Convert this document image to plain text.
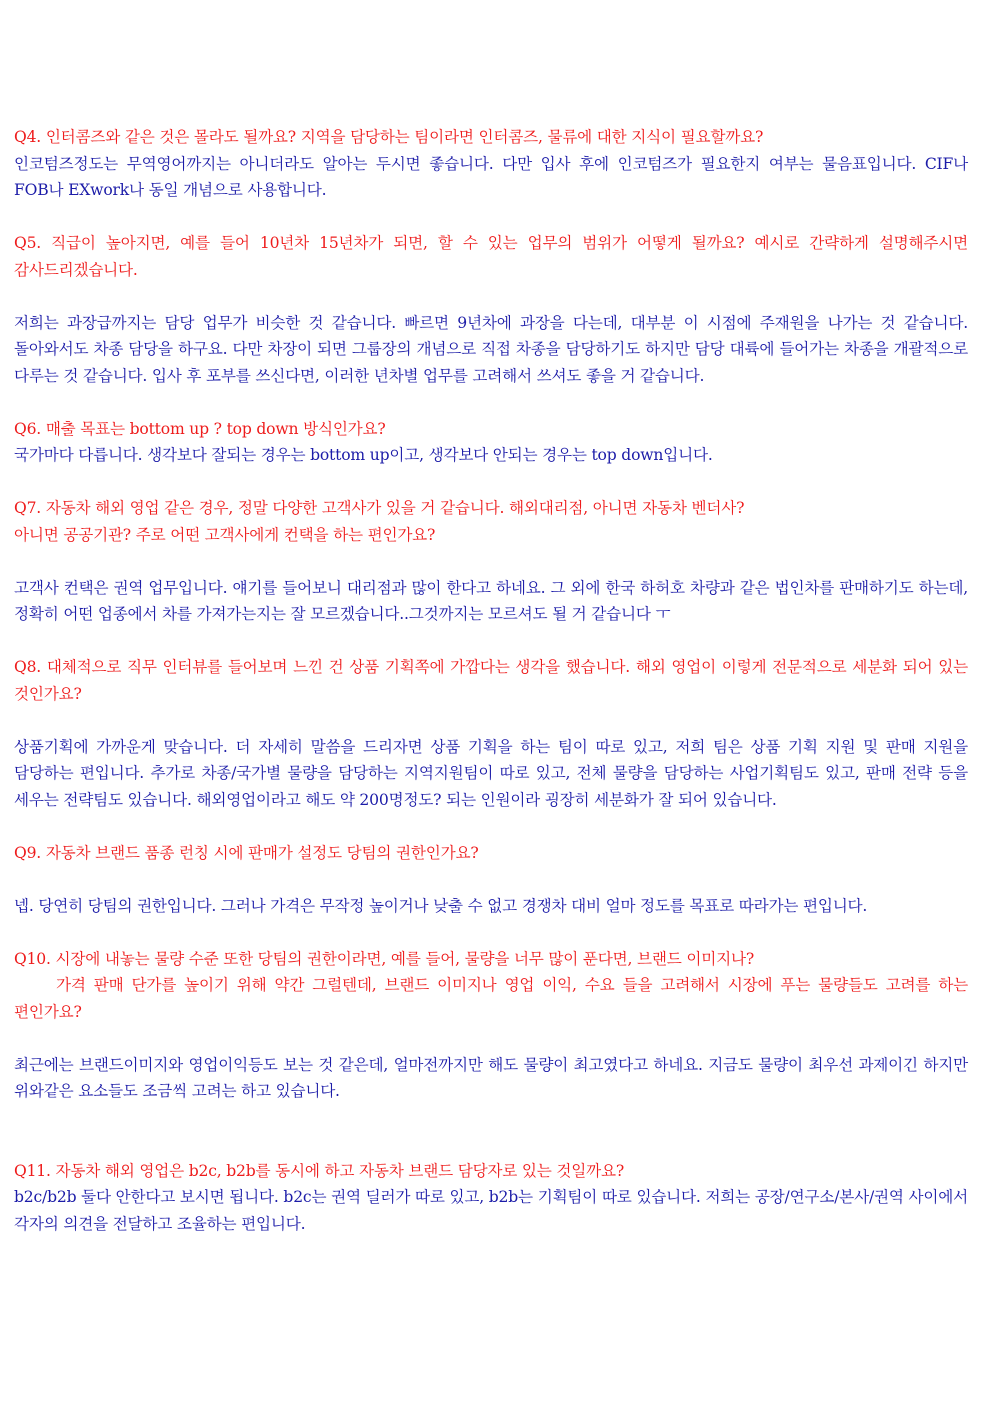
Q4. 인터콤즈와 같은 것은 몰라도 될까요? 지역을 담당하는 팀이라면 인터콤즈, 물류에 대한 지식이 필요할까요?

인코텀즈정도는 무역영어까지는 아니더라도 알아는 두시면 좋습니다. 다만 입사 후에 인코텀즈가 필요한지 여부는 물음표입니다. CIF나 FOB나 EXwork나 동일 개념으로 사용합니다.

Q5. 직급이 높아지면, 예를 들어 10년차 15년차가 되면, 할 수 있는 업무의 범위가 어떻게 될까요? 예시로 간략하게 설명해주시면 감사드리겠습니다.

저희는 과장급까지는 담당 업무가 비슷한 것 같습니다. 빠르면 9년차에 과장을 다는데, 대부분 이 시점에 주재원을 나가는 것 같습니다. 돌아와서도 차종 담당을 하구요. 다만 차장이 되면 그룹장의 개념으로 직접 차종을 담당하기도 하지만 담당 대륙에 들어가는 차종을 개괄적으로 다루는 것 같습니다. 입사 후 포부를 쓰신다면, 이러한 년차별 업무를 고려해서 쓰셔도 좋을 거 같습니다.

Q6. 매출 목표는 bottom up ? top down 방식인가요?

국가마다 다릅니다. 생각보다 잘되는 경우는 bottom up이고, 생각보다 안되는 경우는 top down입니다.

Q7. 자동차 해외 영업 같은 경우, 정말 다양한 고객사가 있을 거 같습니다. 해외대리점, 아니면 자동차 벤더사?

아니면 공공기관? 주로 어떤 고객사에게 컨택을 하는 편인가요?

고객사 컨택은 권역 업무입니다. 얘기를 들어보니 대리점과 많이 한다고 하네요. 그 외에 한국 하허호 차량과 같은 법인차를 판매하기도 하는데, 정확히 어떤 업종에서 차를 가져가는지는 잘 모르겠습니다..그것까지는 모르셔도 될 거 같습니다 ㅜ

Q8. 대체적으로 직무 인터뷰를 들어보며 느낀 건 상품 기획쪽에 가깝다는 생각을 했습니다. 해외 영업이 이렇게 전문적으로 세분화 되어 있는 것인가요?

상품기획에 가까운게 맞습니다. 더 자세히 말씀을 드리자면 상품 기획을 하는 팀이 따로 있고, 저희 팀은 상품 기획 지원 및 판매 지원을 담당하는 편입니다. 추가로 차종/국가별 물량을 담당하는 지역지원팀이 따로 있고, 전체 물량을 담당하는 사업기획팀도 있고, 판매 전략 등을 세우는 전략팀도 있습니다. 해외영업이라고 해도 약 200명정도? 되는 인원이라 굉장히 세분화가 잘 되어 있습니다.

Q9. 자동차 브랜드 품종 런칭 시에 판매가 설정도 당팀의 권한인가요?

넵. 당연히 당팀의 권한입니다. 그러나 가격은 무작정 높이거나 낮출 수 없고 경쟁차 대비 얼마 정도를 목표로 따라가는 편입니다.

Q10. 시장에 내놓는 물량 수준 또한 당팀의 권한이라면, 예를 들어, 물량을 너무 많이 푼다면, 브랜드 이미지나?

가격 판매 단가를 높이기 위해 약간 그럴텐데, 브랜드 이미지나 영업 이익, 수요 들을 고려해서 시장에 푸는 물량들도 고려를 하는 편인가요?

최근에는 브랜드이미지와 영업이익등도 보는 것 같은데, 얼마전까지만 해도 물량이 최고였다고 하네요. 지금도 물량이 최우선 과제이긴 하지만 위와같은 요소들도 조금씩 고려는 하고 있습니다.

Q11. 자동차 해외 영업은 b2c, b2b를 동시에 하고 자동차 브랜드 담당자로 있는 것일까요?

b2c/b2b 둘다 안한다고 보시면 됩니다. b2c는 권역 딜러가 따로 있고, b2b는 기획팀이 따로 있습니다. 저희는 공장/연구소/본사/권역 사이에서 각자의 의견을 전달하고 조율하는 편입니다.
